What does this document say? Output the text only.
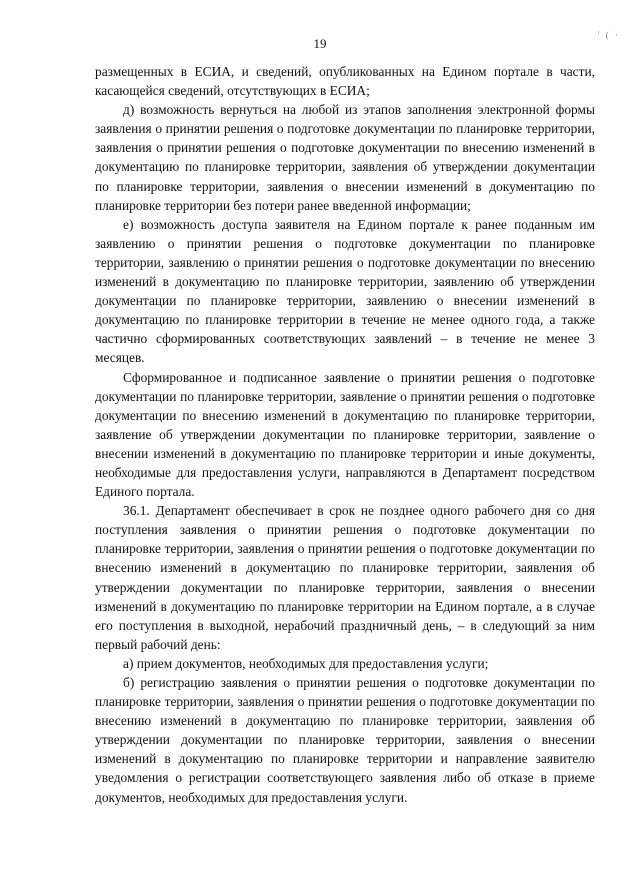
19
' ( ·

размещенных в ЕСИА, и сведений, опубликованных на Едином портале в части, касающейся сведений, отсутствующих в ЕСИА;

д) возможность вернуться на любой из этапов заполнения электронной формы заявления о принятии решения о подготовке документации по планировке территории, заявления о принятии решения о подготовке документации по внесению изменений в документацию по планировке территории, заявления об утверждении документации по планировке территории, заявления о внесении изменений в документацию по планировке территории без потери ранее введенной информации;

е) возможность доступа заявителя на Едином портале к ранее поданным им заявлению о принятии решения о подготовке документации по планировке территории, заявлению о принятии решения о подготовке документации по внесению изменений в документацию по планировке территории, заявлению об утверждении документации по планировке территории, заявлению о внесении изменений в документацию по планировке территории в течение не менее одного года, а также частично сформированных соответствующих заявлений – в течение не менее 3 месяцев.

Сформированное и подписанное заявление о принятии решения о подготовке документации по планировке территории, заявление о принятии решения о подготовке документации по внесению изменений в документацию по планировке территории, заявление об утверждении документации по планировке территории, заявление о внесении изменений в документацию по планировке территории и иные документы, необходимые для предоставления услуги, направляются в Департамент посредством Единого портала.

36.1. Департамент обеспечивает в срок не позднее одного рабочего дня со дня поступления заявления о принятии решения о подготовке документации по планировке территории, заявления о принятии решения о подготовке документации по внесению изменений в документацию по планировке территории, заявления об утверждении документации по планировке территории, заявления о внесении изменений в документацию по планировке территории на Едином портале, а в случае его поступления в выходной, нерабочий праздничный день, – в следующий за ним первый рабочий день:

а) прием документов, необходимых для предоставления услуги;

б) регистрацию заявления о принятии решения о подготовке документации по планировке территории, заявления о принятии решения о подготовке документации по внесению изменений в документацию по планировке территории, заявления об утверждении документации по планировке территории, заявления о внесении изменений в документацию по планировке территории и направление заявителю уведомления о регистрации соответствующего заявления либо об отказе в приеме документов, необходимых для предоставления услуги.
